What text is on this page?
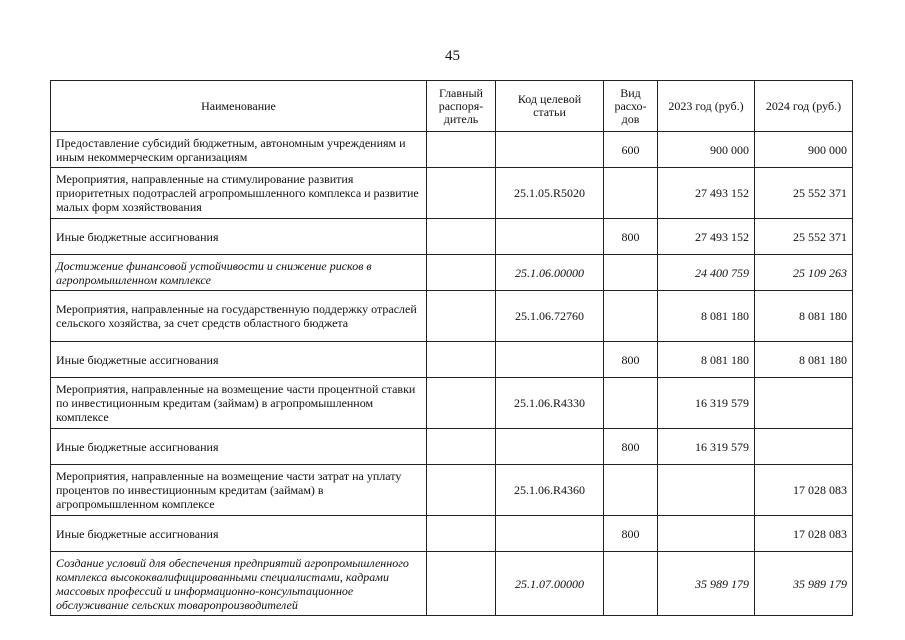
45
Наименование	Главный распоря-дитель	Код целевой статьи	Вид расхо-дов	2023 год (руб.)	2024 год (руб.)
Предоставление субсидий бюджетным, автономным учреждениям и иным некоммерческим организациям			600	900 000	900 000
Мероприятия, направленные на стимулирование развития приоритетных подотраслей агропромышленного комплекса и развитие малых форм хозяйствования		25.1.05.R5020		27 493 152	25 552 371
Иные бюджетные ассигнования			800	27 493 152	25 552 371
Достижение финансовой устойчивости и снижение рисков в агропромышленном комплексе		25.1.06.00000		24 400 759	25 109 263
Мероприятия, направленные на государственную поддержку отраслей сельского хозяйства, за счет средств областного бюджета		25.1.06.72760		8 081 180	8 081 180
Иные бюджетные ассигнования			800	8 081 180	8 081 180
Мероприятия, направленные на возмещение части процентной ставки по инвестиционным кредитам (займам) в агропромышленном комплексе		25.1.06.R4330		16 319 579	
Иные бюджетные ассигнования			800	16 319 579	
Мероприятия, направленные на возмещение части затрат на уплату процентов по инвестиционным кредитам (займам) в агропромышленном комплексе		25.1.06.R4360			17 028 083
Иные бюджетные ассигнования			800		17 028 083
Создание условий для обеспечения предприятий агропромышленного комплекса высококвалифицированными специалистами, кадрами массовых профессий и информационно-консультационное обслуживание сельских товаропроизводителей		25.1.07.00000		35 989 179	35 989 179
